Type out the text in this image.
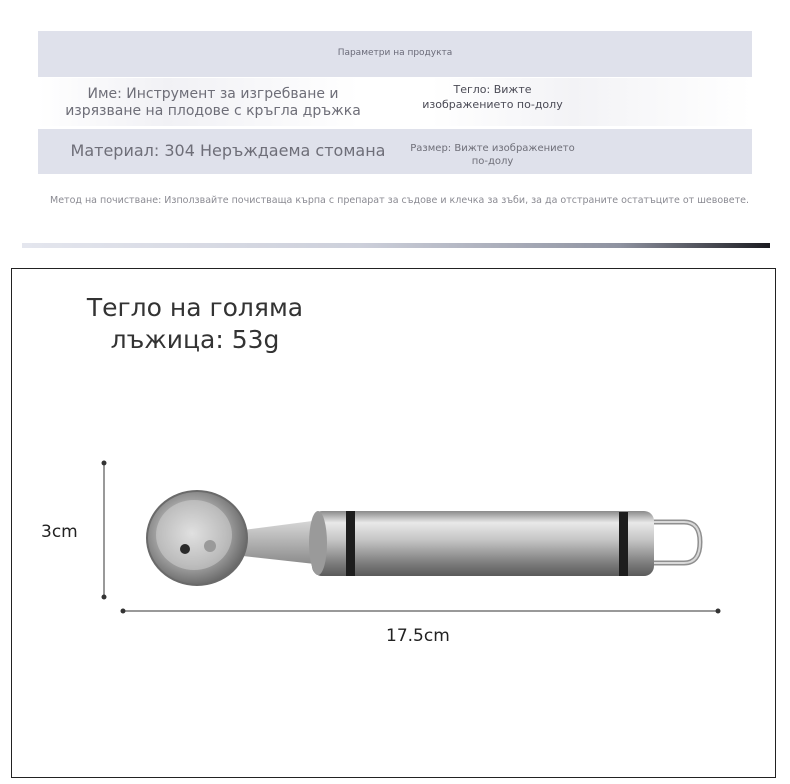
Параметри на продукта
Име: Инструмент за изгребване и изрязване на плодове с кръгла дръжка
Тегло: Вижте изображението по-долу
Материал: 304 Неръждаема стомана	Размер: Вижте изображението по-долу
Метод на почистване: Използвайте почистваща кърпа с препарат за съдове и клечка за зъби, за да отстраните остатъците от шевовете.
Тегло на голяма лъжица: 53g
3cm
17.5cm
